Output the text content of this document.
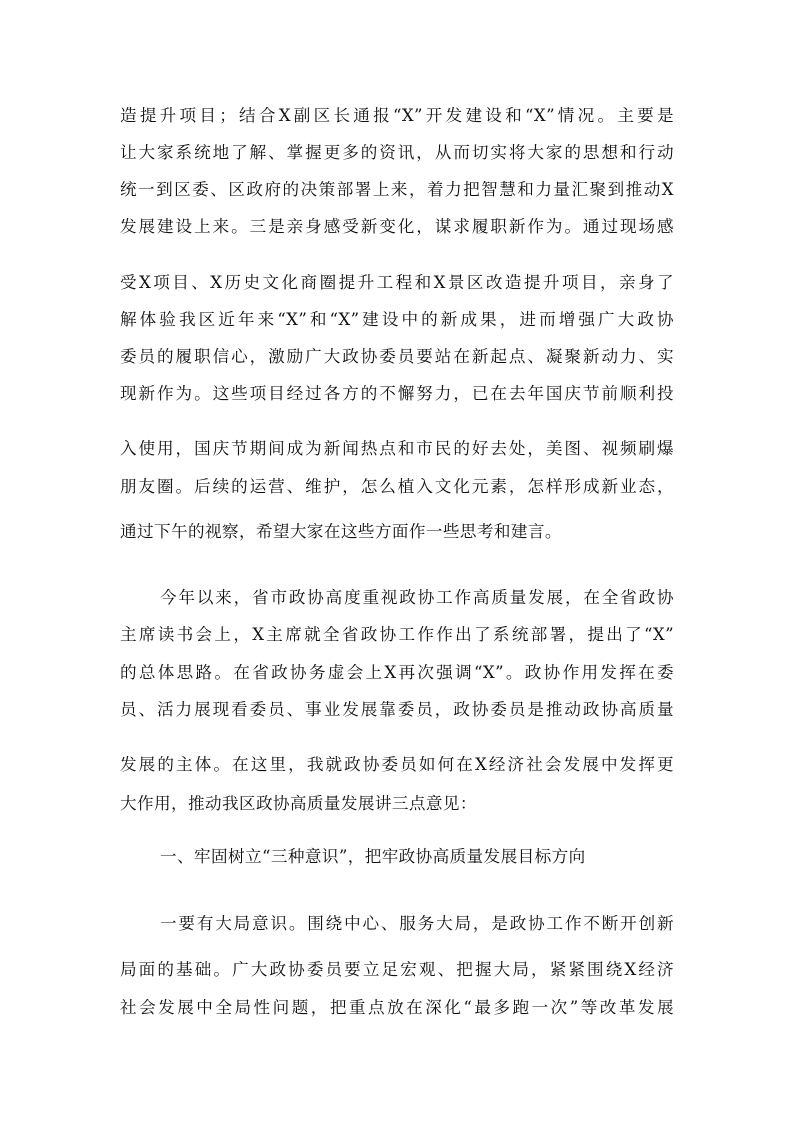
造提升项目；结合X副区长通报“X”开发建设和“X”情况。主要是
让大家系统地了解、掌握更多的资讯，从而切实将大家的思想和行动
统一到区委、区政府的决策部署上来，着力把智慧和力量汇聚到推动X
发展建设上来。三是亲身感受新变化，谋求履职新作为。通过现场感
受X项目、X历史文化商圈提升工程和X景区改造提升项目，亲身了
解体验我区近年来“X”和“X”建设中的新成果，进而增强广大政协
委员的履职信心，激励广大政协委员要站在新起点、凝聚新动力、实
现新作为。这些项目经过各方的不懈努力，已在去年国庆节前顺利投
入使用，国庆节期间成为新闻热点和市民的好去处，美图、视频刷爆
朋友圈。后续的运营、维护，怎么植入文化元素，怎样形成新业态，
通过下午的视察，希望大家在这些方面作一些思考和建言。
今年以来，省市政协高度重视政协工作高质量发展，在全省政协
主席读书会上，X主席就全省政协工作作出了系统部署，提出了“X”
的总体思路。在省政协务虚会上X再次强调“X”。政协作用发挥在委
员、活力展现看委员、事业发展靠委员，政协委员是推动政协高质量
发展的主体。在这里，我就政协委员如何在X经济社会发展中发挥更
大作用，推动我区政协高质量发展讲三点意见：
一、牢固树立“三种意识”，把牢政协高质量发展目标方向
一要有大局意识。围绕中心、服务大局，是政协工作不断开创新
局面的基础。广大政协委员要立足宏观、把握大局，紧紧围绕X经济
社会发展中全局性问题，把重点放在深化“最多跑一次”等改革发展
